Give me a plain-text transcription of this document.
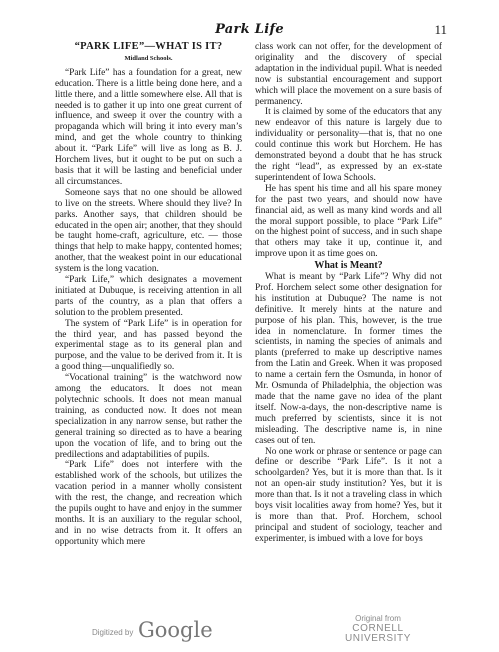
Park Life	11
“PARK LIFE”—WHAT IS IT?
Midland Schools.

“Park Life” has a foundation for a great, new education. There is a little being done here, and a little there, and a little somewhere else. All that is needed is to gather it up into one great current of influence, and sweep it over the country with a propaganda which will bring it into every man’s mind, and get the whole country to thinking about it. “Park Life” will live as long as B. J. Horchem lives, but it ought to be put on such a basis that it will be lasting and beneficial under all circumstances.

Someone says that no one should be allowed to live on the streets. Where should they live? In parks. Another says, that children should be educated in the open air; another, that they should be taught home-craft, agriculture, etc. — those things that help to make happy, contented homes; another, that the weakest point in our educational system is the long vacation.

“Park Life,” which designates a movement initiated at Dubuque, is receiving attention in all parts of the country, as a plan that offers a solution to the problem presented.

The system of “Park Life” is in operation for the third year, and has passed beyond the experimental stage as to its general plan and purpose, and the value to be derived from it. It is a good thing—unqualifiedly so.

“Vocational training” is the watchword now among the educators. It does not mean polytechnic schools. It does not mean manual training, as conducted now. It does not mean specialization in any narrow sense, but rather the general training so directed as to have a bearing upon the vocation of life, and to bring out the predilections and adaptabilities of pupils.

“Park Life” does not interfere with the established work of the schools, but utilizes the vacation period in a manner wholly consistent with the rest, the change, and recreation which the pupils ought to have and enjoy in the summer months. It is an auxiliary to the regular school, and in no wise detracts from it. It offers an opportunity which mere

class work can not offer, for the development of originality and the discovery of special adaptation in the individual pupil. What is needed now is substantial encouragement and support which will place the movement on a sure basis of permanency.

It is claimed by some of the educators that any new endeavor of this nature is largely due to individuality or personality—that is, that no one could continue this work but Horchem. He has demonstrated beyond a doubt that he has struck the right “lead”, as expressed by an ex-state superintendent of Iowa Schools.

He has spent his time and all his spare money for the past two years, and should now have financial aid, as well as many kind words and all the moral support possible, to place “Park Life” on the highest point of success, and in such shape that others may take it up, continue it, and improve upon it as time goes on.

What is Meant?

What is meant by “Park Life”? Why did not Prof. Horchem select some other designation for his institution at Dubuque? The name is not definitive. It merely hints at the nature and purpose of his plan. This, however, is the true idea in nomenclature. In former times the scientists, in naming the species of animals and plants (preferred to make up descriptive names from the Latin and Greek. When it was proposed to name a certain fern the Osmunda, in honor of Mr. Osmunda of Philadelphia, the objection was made that the name gave no idea of the plant itself. Now-a-days, the non-descriptive name is much preferred by scientists, since it is not misleading. The descriptive name is, in nine cases out of ten.

No one work or phrase or sentence or page can define or describe “Park Life”. Is it not a schoolgarden? Yes, but it is more than that. Is it not an open-air study institution? Yes, but it is more than that. Is it not a traveling class in which boys visit localities away from home? Yes, but it is more than that. Prof. Horchem, school principal and student of sociology, teacher and experimenter, is imbued with a love for boys

Digitized by Google	Original from
CORNELL UNIVERSITY
